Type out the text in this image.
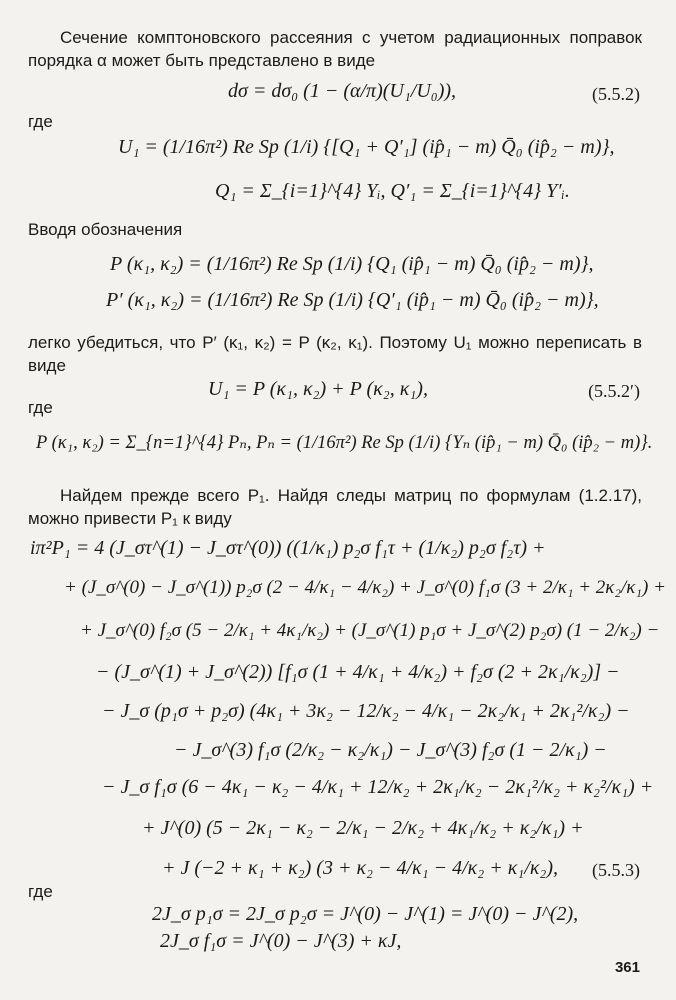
Сечение комптоновского рассеяния с учетом радиационных поправок порядка α может быть представлено в виде
dσ = dσ₀ (1 − (α/π)(U₁/U₀)),	(5.5.2)
где
U₁ = (1/16π²) Re Sp (1/i) {[Q₁ + Q′₁] (ip̂₁ − m) Q̄₀ (ip̂₂ − m)},
Q₁ = Σ_{i=1}^{4} Yᵢ, Q′₁ = Σ_{i=1}^{4} Y′ᵢ.
Вводя обозначения
P (κ₁, κ₂) = (1/16π²) Re Sp (1/i) {Q₁ (ip̂₁ − m) Q̄₀ (ip̂₂ − m)},
P′ (κ₁, κ₂) = (1/16π²) Re Sp (1/i) {Q′₁ (ip̂₁ − m) Q̄₀ (ip̂₂ − m)},
легко убедиться, что P′ (κ₁, κ₂) = P (κ₂, κ₁). Поэтому U₁ можно переписать в виде
U₁ = P (κ₁, κ₂) + P (κ₂, κ₁),	(5.5.2′)
где
P (κ₁, κ₂) = Σ_{n=1}^{4} Pₙ, Pₙ = (1/16π²) Re Sp (1/i) {Yₙ (ip̂₁ − m) Q̄₀ (ip̂₂ − m)}.
Найдем прежде всего P₁. Найдя следы матриц по формулам (1.2.17), можно привести P₁ к виду
iπ²P₁ = 4 (J_στ^(1) − J_στ^(0)) ((1/κ₁) p₂σ f₁τ + (1/κ₂) p₂σ f₂τ) +
+ (J_σ^(0) − J_σ^(1)) p₂σ (2 − 4/κ₁ − 4/κ₂) + J_σ^(0) f₁σ (3 + 2/κ₁ + 2κ₂/κ₁) +
+ J_σ^(0) f₂σ (5 − 2/κ₁ + 4κ₁/κ₂) + (J_σ^(1) p₁σ + J_σ^(2) p₂σ) (1 − 2/κ₂) −
− (J_σ^(1) + J_σ^(2)) [f₁σ (1 + 4/κ₁ + 4/κ₂) + f₂σ (2 + 2κ₁/κ₂)] −
− J_σ (p₁σ + p₂σ) (4κ₁ + 3κ₂ − 12/κ₂ − 4/κ₁ − 2κ₂/κ₁ + 2κ₁²/κ₂) −
− J_σ^(3) f₁σ (2/κ₂ − κ₂/κ₁) − J_σ^(3) f₂σ (1 − 2/κ₁) −
− J_σ f₁σ (6 − 4κ₁ − κ₂ − 4/κ₁ + 12/κ₂ + 2κ₁/κ₂ − 2κ₁²/κ₂ + κ₂²/κ₁) +
+ J^(0) (5 − 2κ₁ − κ₂ − 2/κ₁ − 2/κ₂ + 4κ₁/κ₂ + κ₂/κ₁) +
+ J (−2 + κ₁ + κ₂) (3 + κ₂ − 4/κ₁ − 4/κ₂ + κ₁/κ₂), (5.5.3)
где
2J_σ p₁σ = 2J_σ p₂σ = J^(0) − J^(1) = J^(0) − J^(2),
2J_σ f₁σ = J^(0) − J^(3) + κJ,
361
